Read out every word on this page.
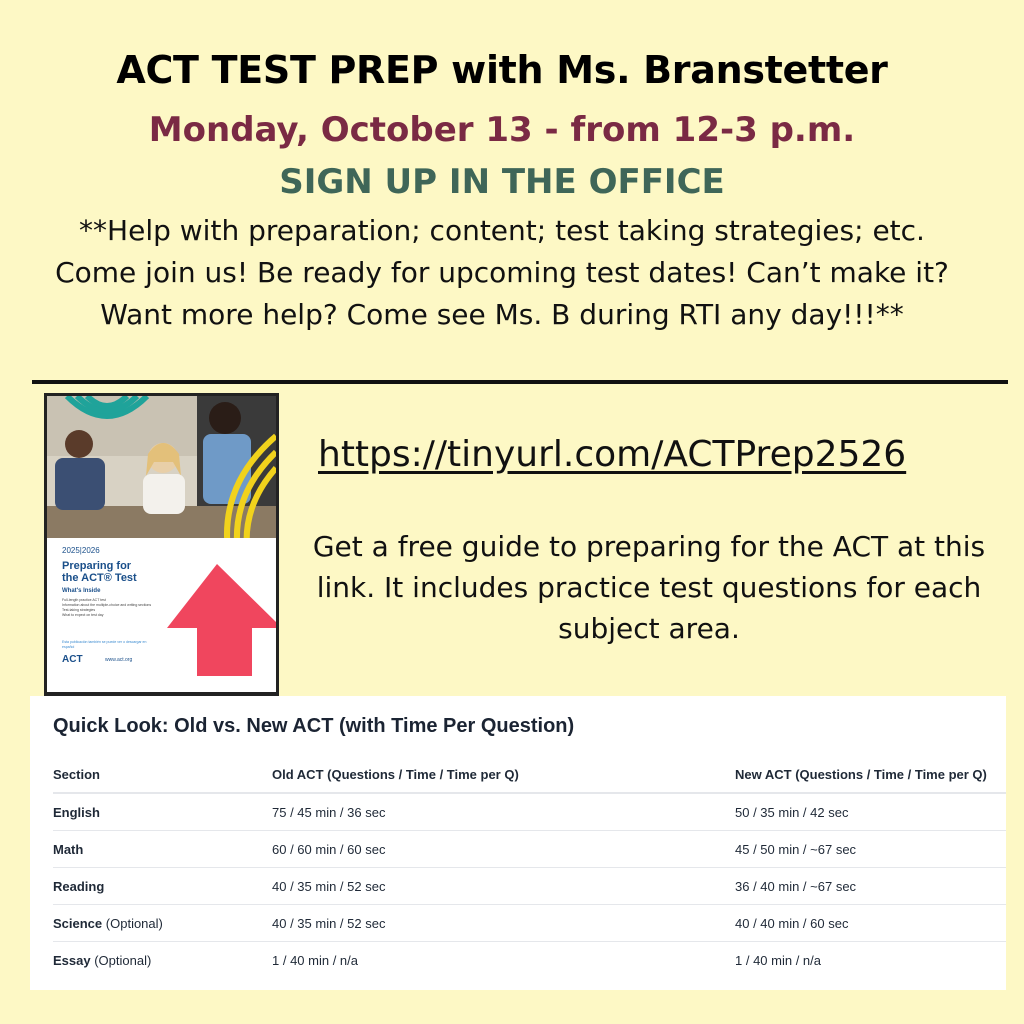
ACT TEST PREP with Ms. Branstetter
Monday, October 13 - from 12-3 p.m.
SIGN UP IN THE OFFICE
**Help with preparation; content; test taking strategies; etc.
Come join us! Be ready for upcoming test dates! Can’t make it?
Want more help? Come see Ms. B during RTI any day!!!**
2025|2026
Preparing for
the ACT® Test
What's Inside
Full-length practice ACT test
Information about the multiple-choice and writing sections
Test-taking strategies
What to expect on test day
Esta publicación también se puede ver o descargar en español
ACT	www.act.org
https://tinyurl.com/ACTPrep2526
Get a free guide to preparing for the ACT at this
link. It includes practice test questions for each
subject area.
Quick Look: Old vs. New ACT (with Time Per Question)
Section	Old ACT (Questions / Time / Time per Q)	New ACT (Questions / Time / Time per Q)
English	75 / 45 min / 36 sec	50 / 35 min / 42 sec
Math	60 / 60 min / 60 sec	45 / 50 min / ~67 sec
Reading	40 / 35 min / 52 sec	36 / 40 min / ~67 sec
Science (Optional)	40 / 35 min / 52 sec	40 / 40 min / 60 sec
Essay (Optional)	1 / 40 min / n/a	1 / 40 min / n/a
